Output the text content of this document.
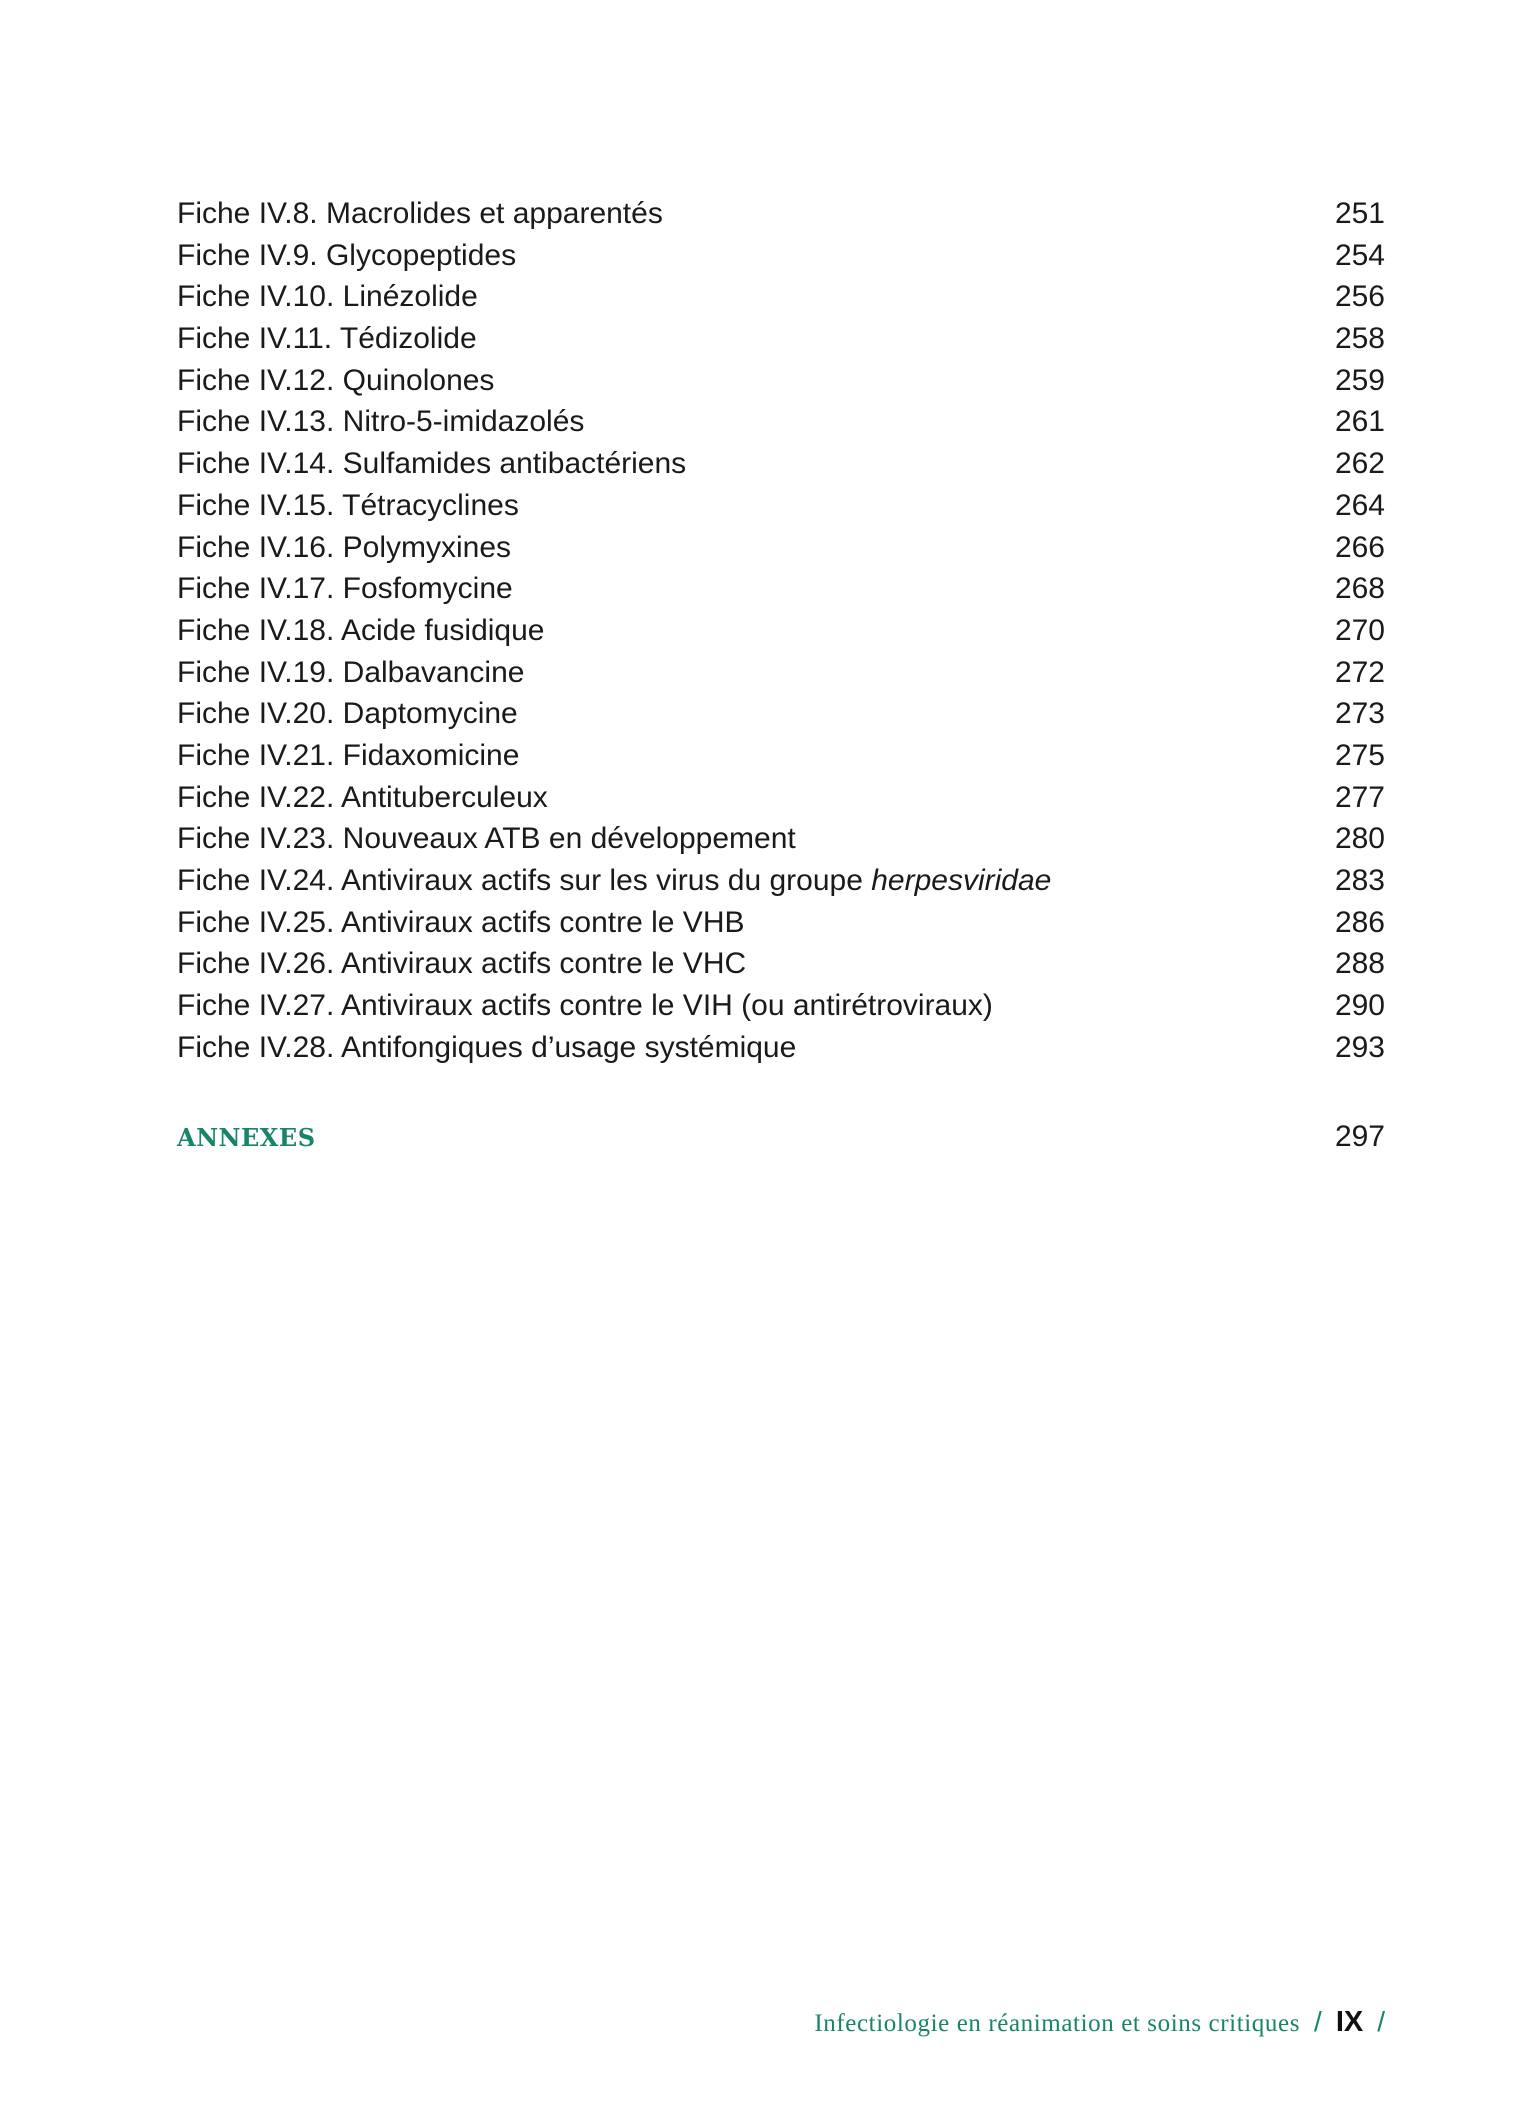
Fiche IV.8. Macrolides et apparentés	251
Fiche IV.9. Glycopeptides	254
Fiche IV.10. Linézolide	256
Fiche IV.11. Tédizolide	258
Fiche IV.12. Quinolones	259
Fiche IV.13. Nitro-5-imidazolés	261
Fiche IV.14. Sulfamides antibactériens	262
Fiche IV.15. Tétracyclines	264
Fiche IV.16. Polymyxines	266
Fiche IV.17. Fosfomycine	268
Fiche IV.18. Acide fusidique	270
Fiche IV.19. Dalbavancine	272
Fiche IV.20. Daptomycine	273
Fiche IV.21. Fidaxomicine	275
Fiche IV.22. Antituberculeux	277
Fiche IV.23. Nouveaux ATB en développement	280
Fiche IV.24. Antiviraux actifs sur les virus du groupe herpesviridae	283
Fiche IV.25. Antiviraux actifs contre le VHB	286
Fiche IV.26. Antiviraux actifs contre le VHC	288
Fiche IV.27. Antiviraux actifs contre le VIH (ou antirétroviraux)	290
Fiche IV.28. Antifongiques d’usage systémique	293
ANNEXES	297
Infectiologie en réanimation et soins critiques / IX /
